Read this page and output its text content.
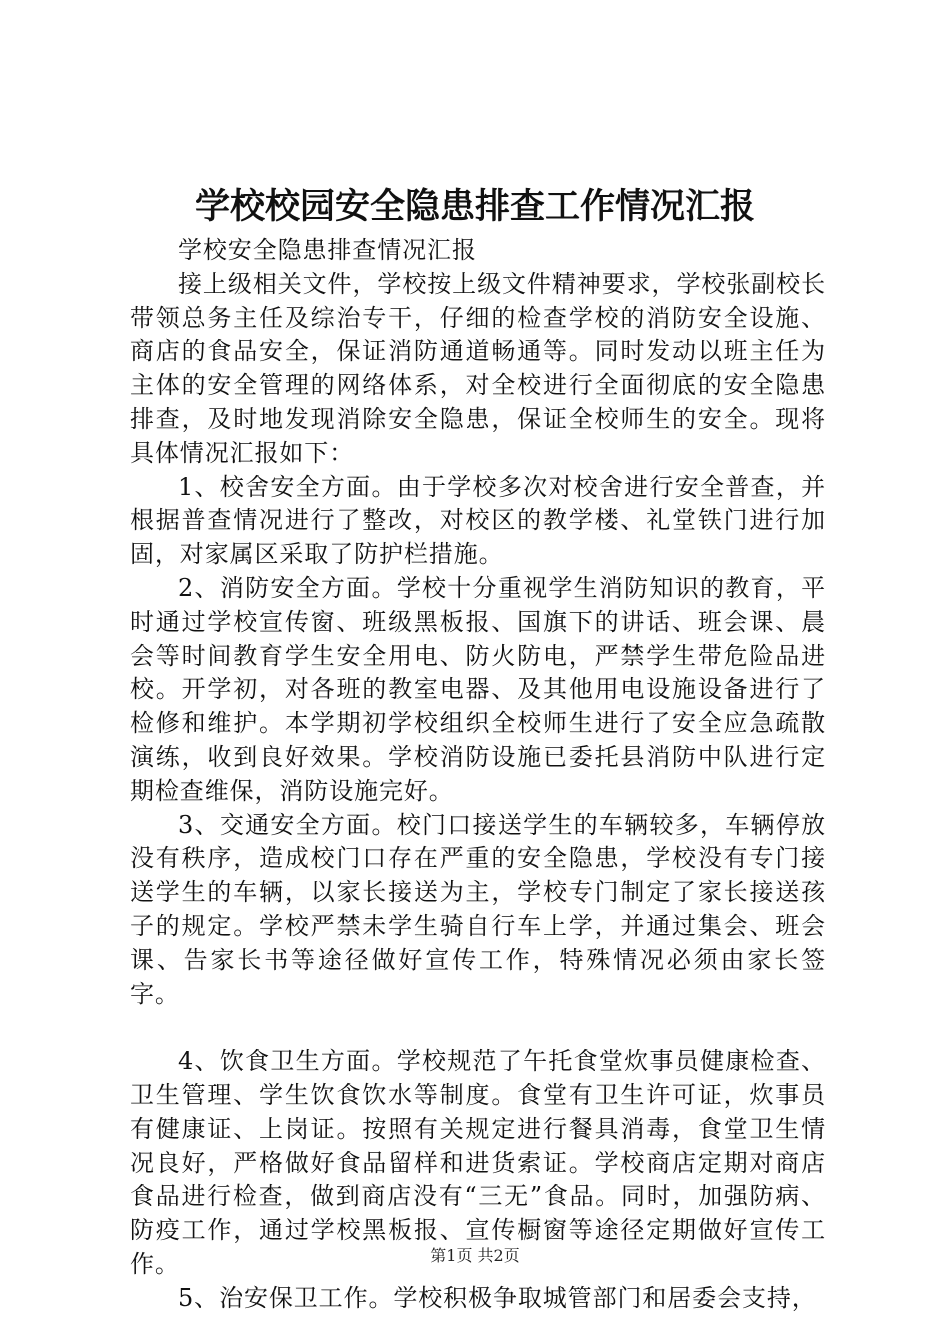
学校校园安全隐患排查工作情况汇报

学校安全隐患排查情况汇报

接上级相关文件，学校按上级文件精神要求，学校张副校长带领总务主任及综治专干，仔细的检查学校的消防安全设施、商店的食品安全，保证消防通道畅通等。同时发动以班主任为主体的安全管理的网络体系，对全校进行全面彻底的安全隐患排查，及时地发现消除安全隐患，保证全校师生的安全。现将具体情况汇报如下：

1、校舍安全方面。由于学校多次对校舍进行安全普查，并根据普查情况进行了整改，对校区的教学楼、礼堂铁门进行加固，对家属区采取了防护栏措施。

2、消防安全方面。学校十分重视学生消防知识的教育，平时通过学校宣传窗、班级黑板报、国旗下的讲话、班会课、晨会等时间教育学生安全用电、防火防电，严禁学生带危险品进校。开学初，对各班的教室电器、及其他用电设施设备进行了检修和维护。本学期初学校组织全校师生进行了安全应急疏散演练，收到良好效果。学校消防设施已委托县消防中队进行定期检查维保，消防设施完好。

3、交通安全方面。校门口接送学生的车辆较多，车辆停放没有秩序，造成校门口存在严重的安全隐患，学校没有专门接送学生的车辆，以家长接送为主，学校专门制定了家长接送孩子的规定。学校严禁未学生骑自行车上学，并通过集会、班会课、告家长书等途径做好宣传工作，特殊情况必须由家长签字。

4、饮食卫生方面。学校规范了午托食堂炊事员健康检查、卫生管理、学生饮食饮水等制度。食堂有卫生许可证，炊事员有健康证、上岗证。按照有关规定进行餐具消毒，食堂卫生情况良好，严格做好食品留样和进货索证。学校商店定期对商店食品进行检查，做到商店没有“三无”食品。同时，加强防病、防疫工作，通过学校黑板报、宣传橱窗等途径定期做好宣传工作。

5、治安保卫工作。学校积极争取城管部门和居委会支持，

第1页 共2页
